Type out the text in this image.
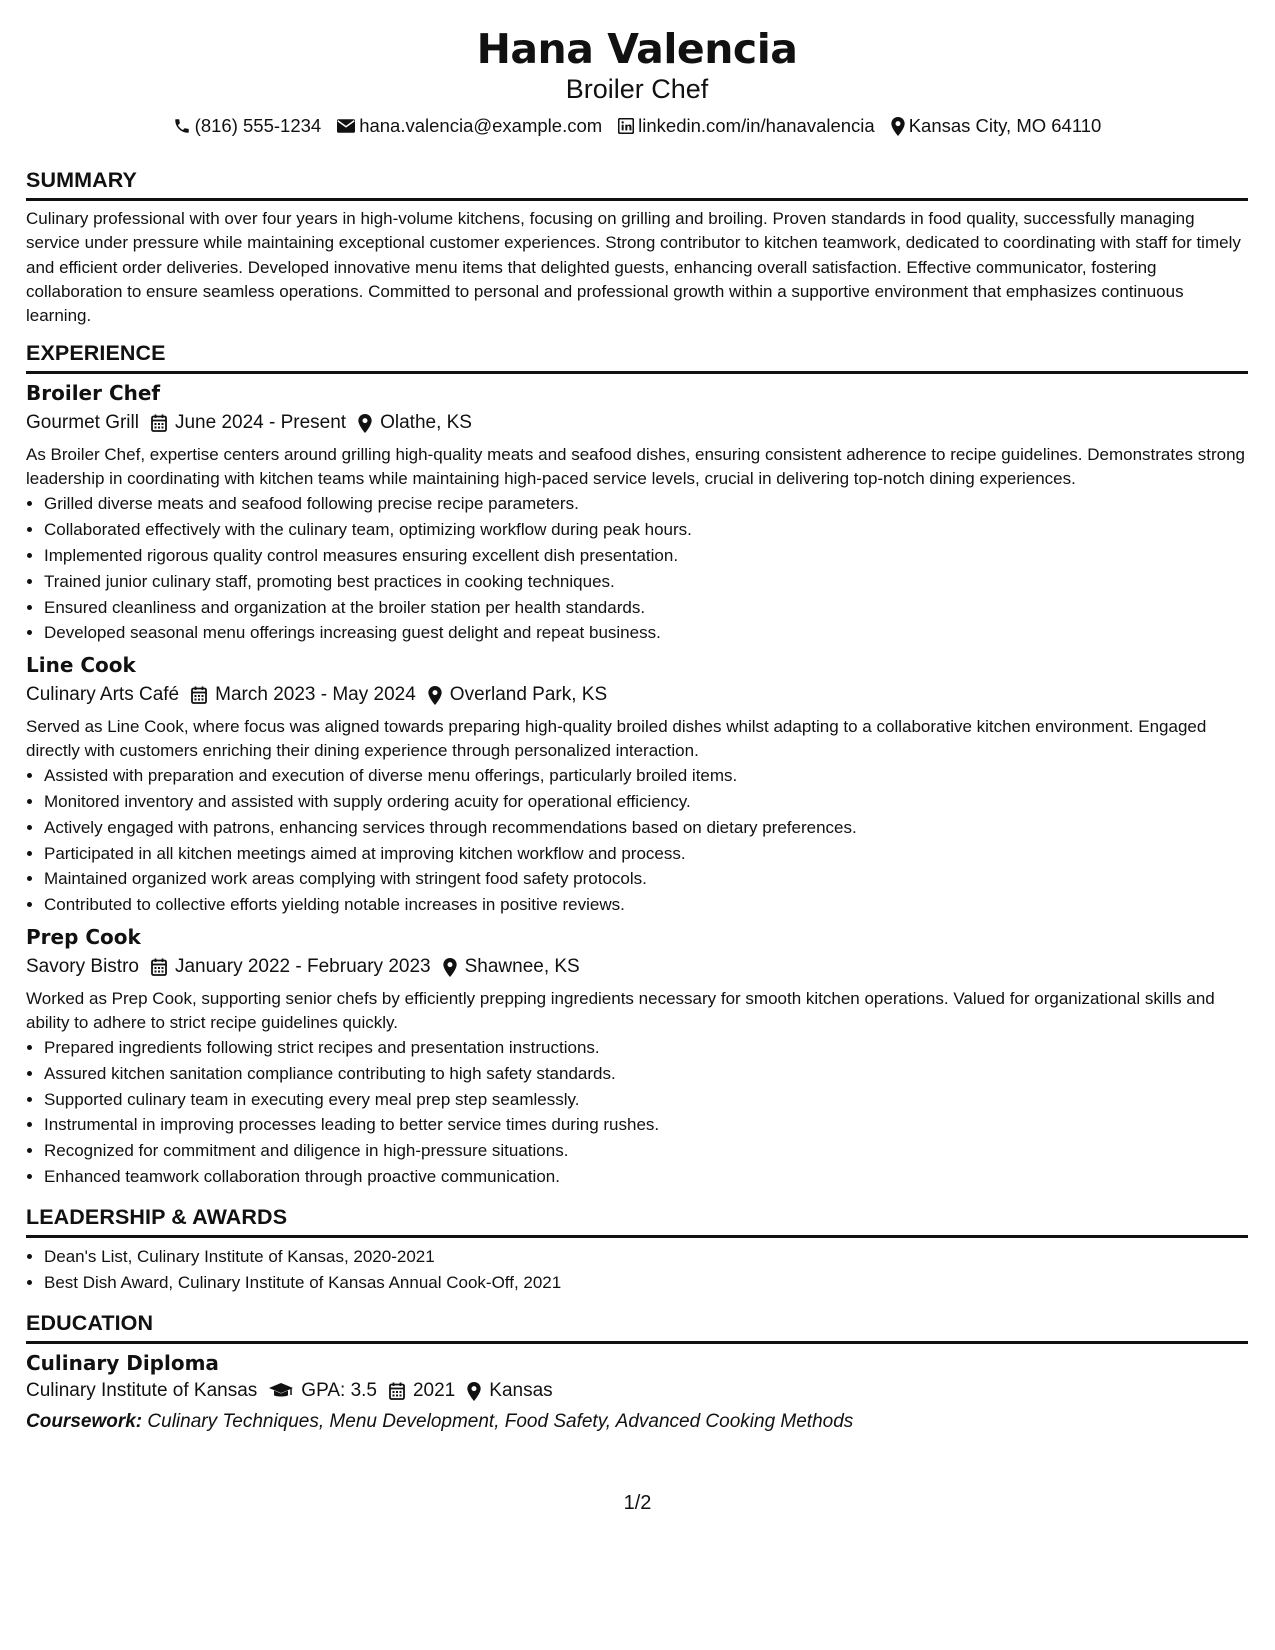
Hana Valencia
Broiler Chef
(816) 555-1234 hana.valencia@example.com linkedin.com/in/hanavalencia Kansas City, MO 64110
SUMMARY
Culinary professional with over four years in high-volume kitchens, focusing on grilling and broiling. Proven standards in food quality, successfully managing service under pressure while maintaining exceptional customer experiences. Strong contributor to kitchen teamwork, dedicated to coordinating with staff for timely and efficient order deliveries. Developed innovative menu items that delighted guests, enhancing overall satisfaction. Effective communicator, fostering collaboration to ensure seamless operations. Committed to personal and professional growth within a supportive environment that emphasizes continuous learning.
EXPERIENCE
Broiler Chef
Gourmet Grill June 2024 - Present Olathe, KS
As Broiler Chef, expertise centers around grilling high-quality meats and seafood dishes, ensuring consistent adherence to recipe guidelines. Demonstrates strong leadership in coordinating with kitchen teams while maintaining high-paced service levels, crucial in delivering top-notch dining experiences.
• Grilled diverse meats and seafood following precise recipe parameters.
• Collaborated effectively with the culinary team, optimizing workflow during peak hours.
• Implemented rigorous quality control measures ensuring excellent dish presentation.
• Trained junior culinary staff, promoting best practices in cooking techniques.
• Ensured cleanliness and organization at the broiler station per health standards.
• Developed seasonal menu offerings increasing guest delight and repeat business.
Line Cook
Culinary Arts Café March 2023 - May 2024 Overland Park, KS
Served as Line Cook, where focus was aligned towards preparing high-quality broiled dishes whilst adapting to a collaborative kitchen environment. Engaged directly with customers enriching their dining experience through personalized interaction.
• Assisted with preparation and execution of diverse menu offerings, particularly broiled items.
• Monitored inventory and assisted with supply ordering acuity for operational efficiency.
• Actively engaged with patrons, enhancing services through recommendations based on dietary preferences.
• Participated in all kitchen meetings aimed at improving kitchen workflow and process.
• Maintained organized work areas complying with stringent food safety protocols.
• Contributed to collective efforts yielding notable increases in positive reviews.
Prep Cook
Savory Bistro January 2022 - February 2023 Shawnee, KS
Worked as Prep Cook, supporting senior chefs by efficiently prepping ingredients necessary for smooth kitchen operations. Valued for organizational skills and ability to adhere to strict recipe guidelines quickly.
• Prepared ingredients following strict recipes and presentation instructions.
• Assured kitchen sanitation compliance contributing to high safety standards.
• Supported culinary team in executing every meal prep step seamlessly.
• Instrumental in improving processes leading to better service times during rushes.
• Recognized for commitment and diligence in high-pressure situations.
• Enhanced teamwork collaboration through proactive communication.
LEADERSHIP & AWARDS
• Dean's List, Culinary Institute of Kansas, 2020-2021
• Best Dish Award, Culinary Institute of Kansas Annual Cook-Off, 2021
EDUCATION
Culinary Diploma
Culinary Institute of Kansas GPA: 3.5 2021 Kansas
Coursework: Culinary Techniques, Menu Development, Food Safety, Advanced Cooking Methods
1/2
